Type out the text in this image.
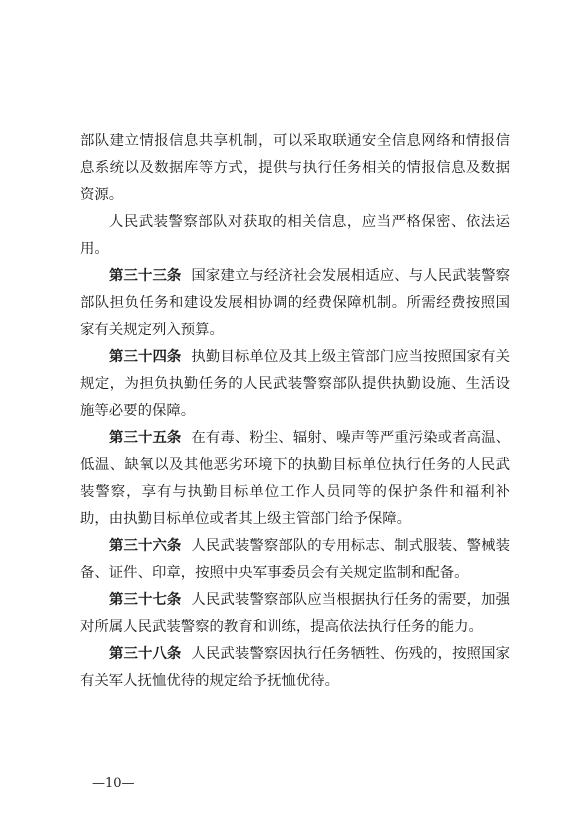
部队建立情报信息共享机制，可以采取联通安全信息网络和情报信息系统以及数据库等方式，提供与执行任务相关的情报信息及数据资源。

人民武装警察部队对获取的相关信息，应当严格保密、依法运用。

第三十三条 国家建立与经济社会发展相适应、与人民武装警察部队担负任务和建设发展相协调的经费保障机制。所需经费按照国家有关规定列入预算。

第三十四条 执勤目标单位及其上级主管部门应当按照国家有关规定，为担负执勤任务的人民武装警察部队提供执勤设施、生活设施等必要的保障。

第三十五条 在有毒、粉尘、辐射、噪声等严重污染或者高温、低温、缺氧以及其他恶劣环境下的执勤目标单位执行任务的人民武装警察，享有与执勤目标单位工作人员同等的保护条件和福利补助，由执勤目标单位或者其上级主管部门给予保障。

第三十六条 人民武装警察部队的专用标志、制式服装、警械装备、证件、印章，按照中央军事委员会有关规定监制和配备。

第三十七条 人民武装警察部队应当根据执行任务的需要，加强对所属人民武装警察的教育和训练，提高依法执行任务的能力。

第三十八条 人民武装警察因执行任务牺牲、伤残的，按照国家有关军人抚恤优待的规定给予抚恤优待。

—10—
